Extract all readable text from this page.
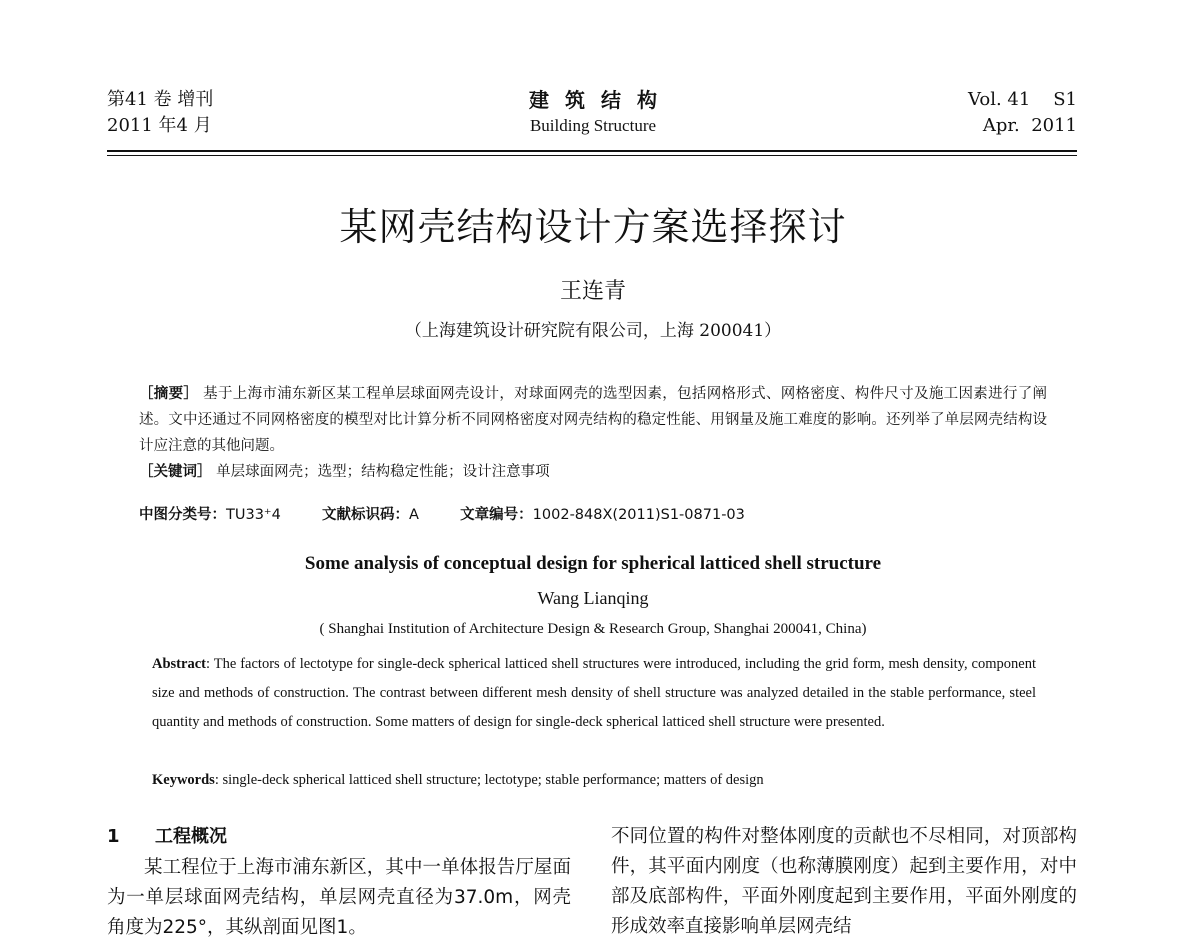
第41 卷 增刊
2011 年4 月
建筑结构
Building Structure
Vol. 41    S1
Apr.  2011
某网壳结构设计方案选择探讨
王连青
（上海建筑设计研究院有限公司，上海 200041）
［摘要］ 基于上海市浦东新区某工程单层球面网壳设计，对球面网壳的选型因素，包括网格形式、网格密度、构件尺寸及施工因素进行了阐述。文中还通过不同网格密度的模型对比计算分析不同网格密度对网壳结构的稳定性能、用钢量及施工难度的影响。还列举了单层网壳结构设计应注意的其他问题。
［关键词］ 单层球面网壳；选型；结构稳定性能；设计注意事项
中图分类号：TU33⁺4	文献标识码：A	文章编号：1002-848X(2011)S1-0871-03
Some analysis of conceptual design for spherical latticed shell structure
Wang Lianqing
( Shanghai Institution of Architecture Design & Research Group, Shanghai 200041, China)
Abstract: The factors of lectotype for single-deck spherical latticed shell structures were introduced, including the grid form, mesh density, component size and methods of construction. The contrast between different mesh density of shell structure was analyzed detailed in the stable performance, steel quantity and methods of construction. Some matters of design for single-deck spherical latticed shell structure were presented.
Keywords: single-deck spherical latticed shell structure; lectotype; stable performance; matters of design
1 工程概况
某工程位于上海市浦东新区，其中一单体报告厅屋面为一单层球面网壳结构，单层网壳直径为37.0m，网壳角度为225°，其纵剖面见图1。
不同位置的构件对整体刚度的贡献也不尽相同，对顶部构件，其平面内刚度（也称薄膜刚度）起到主要作用，对中部及底部构件，平面外刚度起到主要作用，平面外刚度的形成效率直接影响单层网壳结
